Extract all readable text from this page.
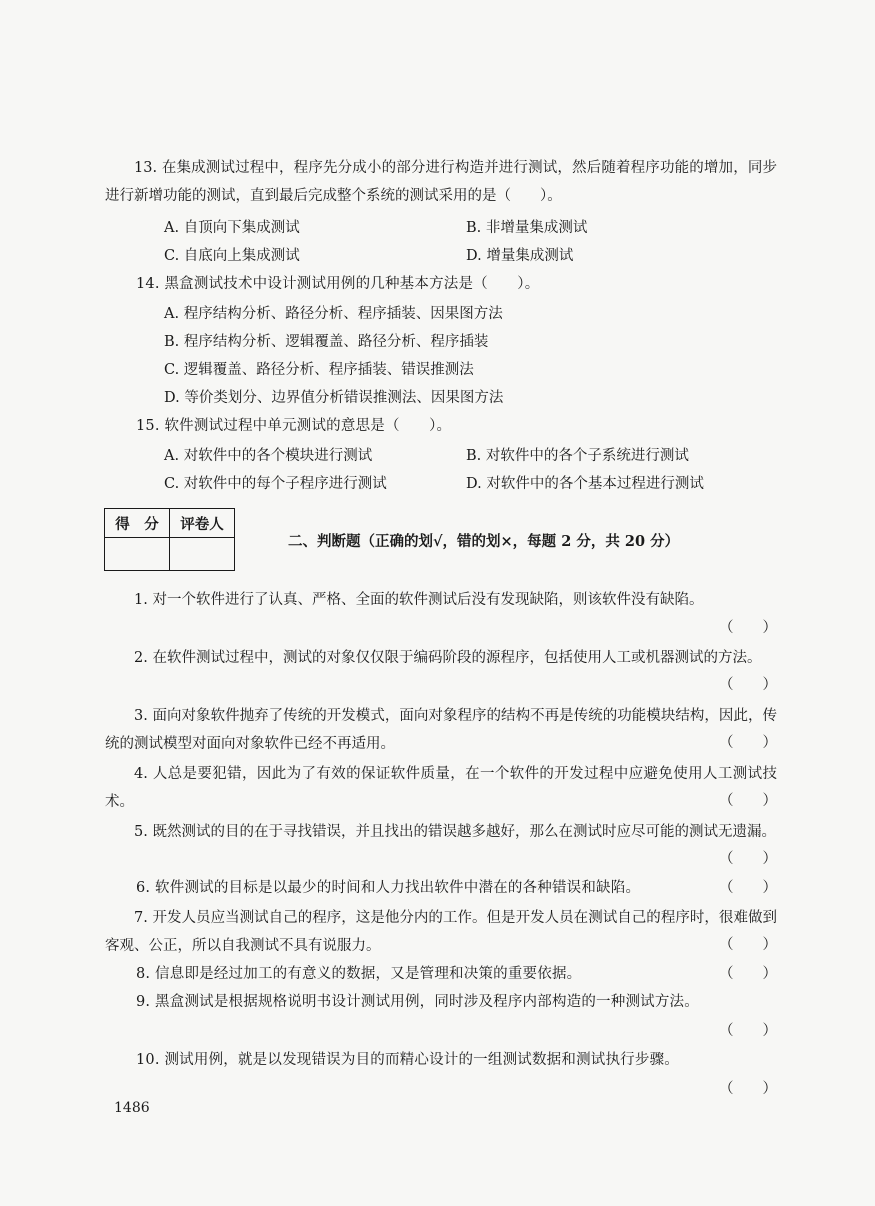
13. 在集成测试过程中，程序先分成小的部分进行构造并进行测试，然后随着程序功能的增加，同步进行新增功能的测试，直到最后完成整个系统的测试采用的是（　　）。
A. 自顶向下集成测试	B. 非增量集成测试
C. 自底向上集成测试	D. 增量集成测试
14. 黑盒测试技术中设计测试用例的几种基本方法是（　　）。
A. 程序结构分析、路径分析、程序插装、因果图方法
B. 程序结构分析、逻辑覆盖、路径分析、程序插装
C. 逻辑覆盖、路径分析、程序插装、错误推测法
D. 等价类划分、边界值分析错误推测法、因果图方法
15. 软件测试过程中单元测试的意思是（　　）。
A. 对软件中的各个模块进行测试	B. 对软件中的各个子系统进行测试
C. 对软件中的每个子程序进行测试	D. 对软件中的各个基本过程进行测试
得　分	评卷人

二、判断题（正确的划√，错的划×，每题 2 分，共 20 分）
1. 对一个软件进行了认真、严格、全面的软件测试后没有发现缺陷，则该软件没有缺陷。
（　　）
2. 在软件测试过程中，测试的对象仅仅限于编码阶段的源程序，包括使用人工或机器测试的方法。
（　　）
3. 面向对象软件抛弃了传统的开发模式，面向对象程序的结构不再是传统的功能模块结构，因此，传统的测试模型对面向对象软件已经不再适用。	（　　）
4. 人总是要犯错，因此为了有效的保证软件质量，在一个软件的开发过程中应避免使用人工测试技术。	（　　）
5. 既然测试的目的在于寻找错误，并且找出的错误越多越好，那么在测试时应尽可能的测试无遗漏。
（　　）
6. 软件测试的目标是以最少的时间和人力找出软件中潜在的各种错误和缺陷。	（　　）
7. 开发人员应当测试自己的程序，这是他分内的工作。但是开发人员在测试自己的程序时，很难做到客观、公正，所以自我测试不具有说服力。	（　　）
8. 信息即是经过加工的有意义的数据，又是管理和决策的重要依据。	（　　）
9. 黑盒测试是根据规格说明书设计测试用例，同时涉及程序内部构造的一种测试方法。
（　　）
10. 测试用例，就是以发现错误为目的而精心设计的一组测试数据和测试执行步骤。
（　　）
1486
